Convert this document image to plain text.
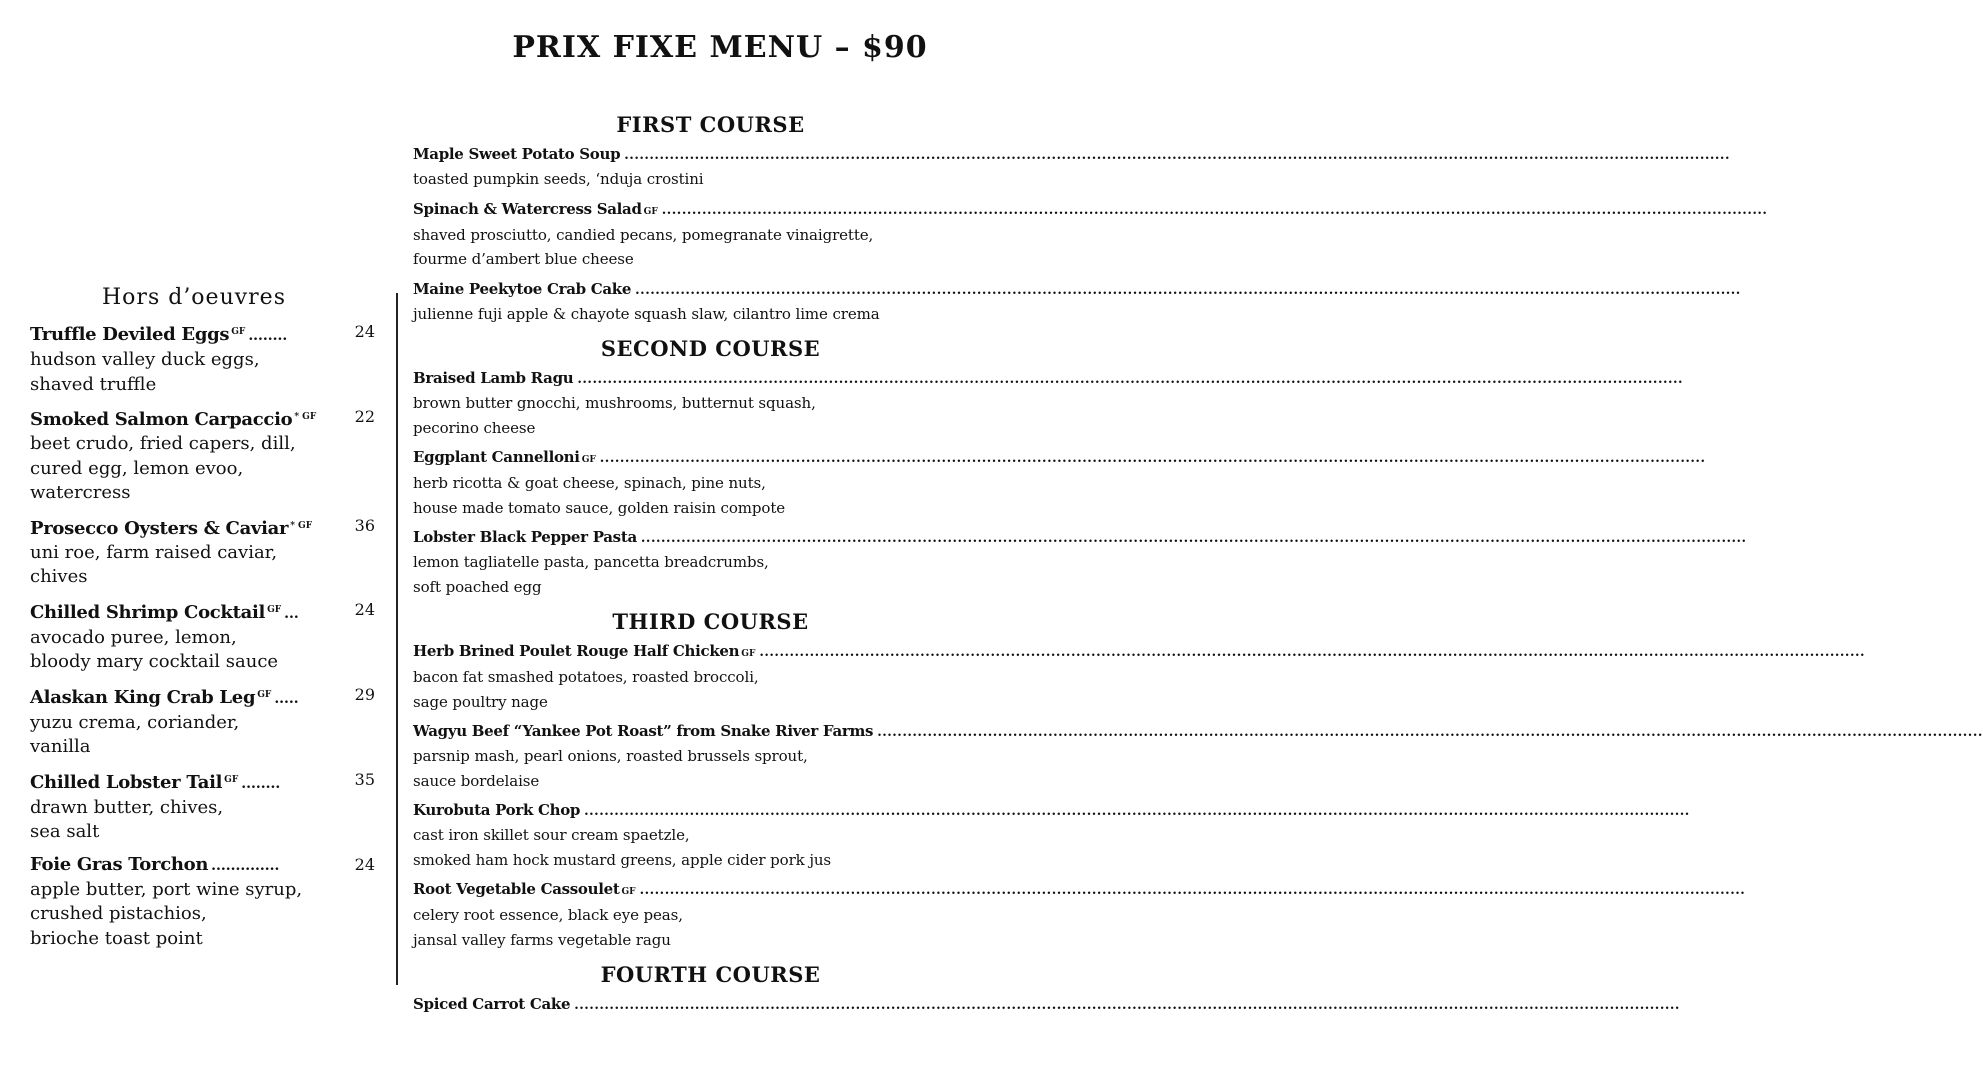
PRIX FIXE MENU – $90
Hors d’oeuvres
Truffle Deviled Eggs $^{GF}$ ........	24
hudson valley duck eggs,
shaved truffle
Smoked Salmon Carpaccio $^{* GF}$	22
beet crudo, fried capers, dill,
cured egg, lemon evoo,
watercress
Prosecco Oysters & Caviar $^{* GF}$	36
uni roe, farm raised caviar,
chives
Chilled Shrimp Cocktail $^{GF}$ ...	24
avocado puree, lemon,
bloody mary cocktail sauce
Alaskan King Crab Leg $^{GF}$ .....	29
yuzu crema, coriander,
vanilla
Chilled Lobster Tail $^{GF}$ ........	35
drawn butter, chives,
sea salt
Foie Gras Torchon ..............	24
apple butter, port wine syrup,
crushed pistachios,
brioche toast point
FIRST COURSE
Maple Sweet Potato Soup ............................................................................................................................................................................................................................
toasted pumpkin seeds, ‘nduja crostini
Spinach & Watercress Salad GF ............................................................................................................................................................................................................................
shaved prosciutto, candied pecans, pomegranate vinaigrette,
fourme d’ambert blue cheese
Maine Peekytoe Crab Cake ............................................................................................................................................................................................................................
julienne fuji apple & chayote squash slaw, cilantro lime crema
SECOND COURSE
Braised Lamb Ragu ............................................................................................................................................................................................................................
brown butter gnocchi, mushrooms, butternut squash,
pecorino cheese
Eggplant Cannelloni GF ............................................................................................................................................................................................................................
herb ricotta & goat cheese, spinach, pine nuts,
house made tomato sauce, golden raisin compote
Lobster Black Pepper Pasta ............................................................................................................................................................................................................................
lemon tagliatelle pasta, pancetta breadcrumbs,
soft poached egg
THIRD COURSE
Herb Brined Poulet Rouge Half Chicken GF ............................................................................................................................................................................................................................
bacon fat smashed potatoes, roasted broccoli,
sage poultry nage
Wagyu Beef “Yankee Pot Roast” from Snake River Farms ............................................................................................................................................................................................................................
parsnip mash, pearl onions, roasted brussels sprout,
sauce bordelaise
Kurobuta Pork Chop ............................................................................................................................................................................................................................
cast iron skillet sour cream spaetzle,
smoked ham hock mustard greens, apple cider pork jus
Root Vegetable Cassoulet GF ............................................................................................................................................................................................................................
celery root essence, black eye peas,
jansal valley farms vegetable ragu
FOURTH COURSE
Spiced Carrot Cake ............................................................................................................................................................................................................................
